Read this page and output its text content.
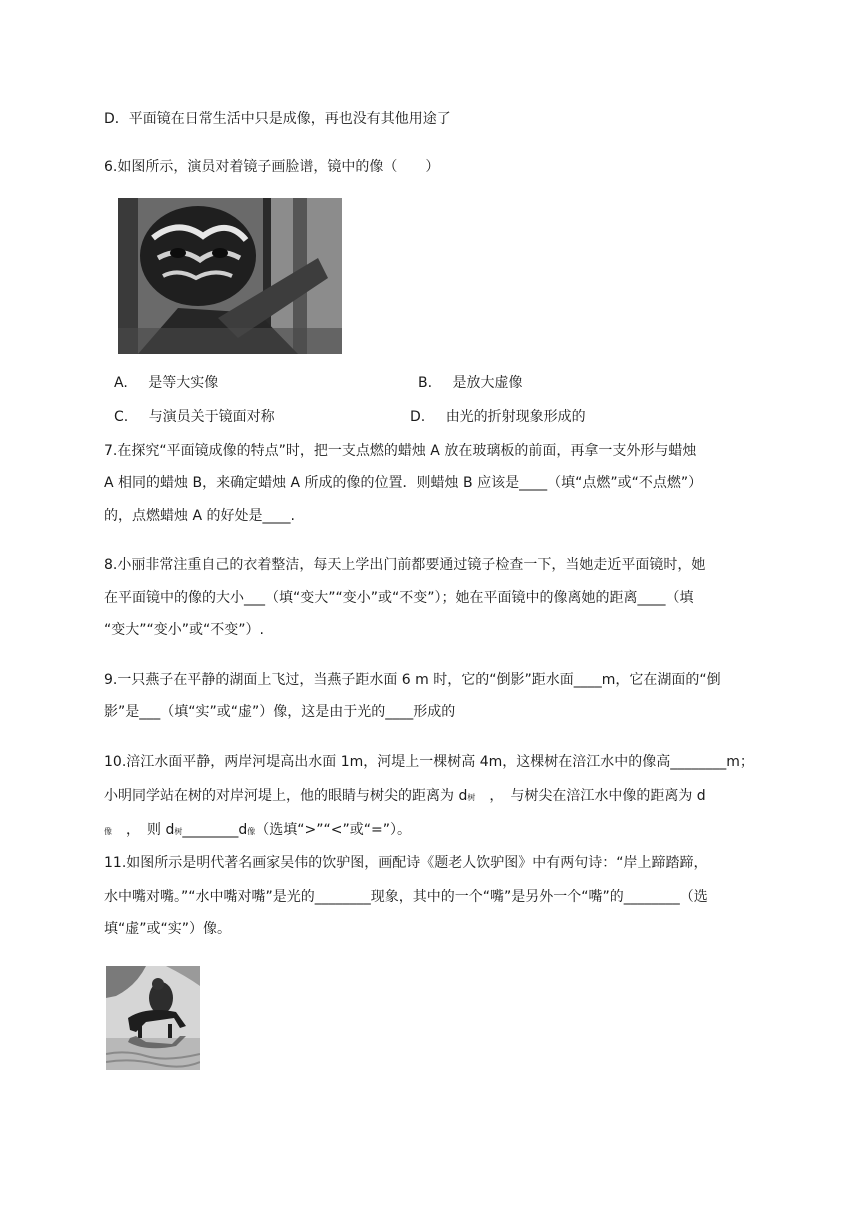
D．平面镜在日常生活中只是成像，再也没有其他用途了
6.如图所示，演员对着镜子画脸谱，镜中的像（　　）
A. 是等大实像	B. 是放大虚像
C. 与演员关于镜面对称	D. 由光的折射现象形成的
7.在探究“平面镜成像的特点”时，把一支点燃的蜡烛 A 放在玻璃板的前面，再拿一支外形与蜡烛
A 相同的蜡烛 B，来确定蜡烛 A 所成的像的位置．则蜡烛 B 应该是____（填“点燃”或“不点燃”）
的，点燃蜡烛 A 的好处是____.
8.小丽非常注重自己的衣着整洁，每天上学出门前都要通过镜子检查一下，当她走近平面镜时，她
在平面镜中的像的大小___（填“变大”“变小”或“不变”）；她在平面镜中的像离她的距离____（填
“变大”“变小”或“不变”）.
9.一只燕子在平静的湖面上飞过，当燕子距水面 6 m 时，它的“倒影”距水面____m，它在湖面的“倒
影”是___（填“实”或“虚”）像，这是由于光的____形成的
10.涪江水面平静，两岸河堤高出水面 1m，河堤上一棵树高 4m，这棵树在涪江水中的像高________m；
小明同学站在树的对岸河堤上，他的眼睛与树尖的距离为 d树　，　与树尖在涪江水中像的距离为 d
像　，　则 d树________d像（选填“>”“<”或“=”）。
11.如图所示是明代著名画家吴伟的饮驴图，画配诗《题老人饮驴图》中有两句诗：“岸上蹄踏蹄，
水中嘴对嘴。”“水中嘴对嘴”是光的________现象，其中的一个“嘴”是另外一个“嘴”的________（选
填“虚”或“实”）像。
